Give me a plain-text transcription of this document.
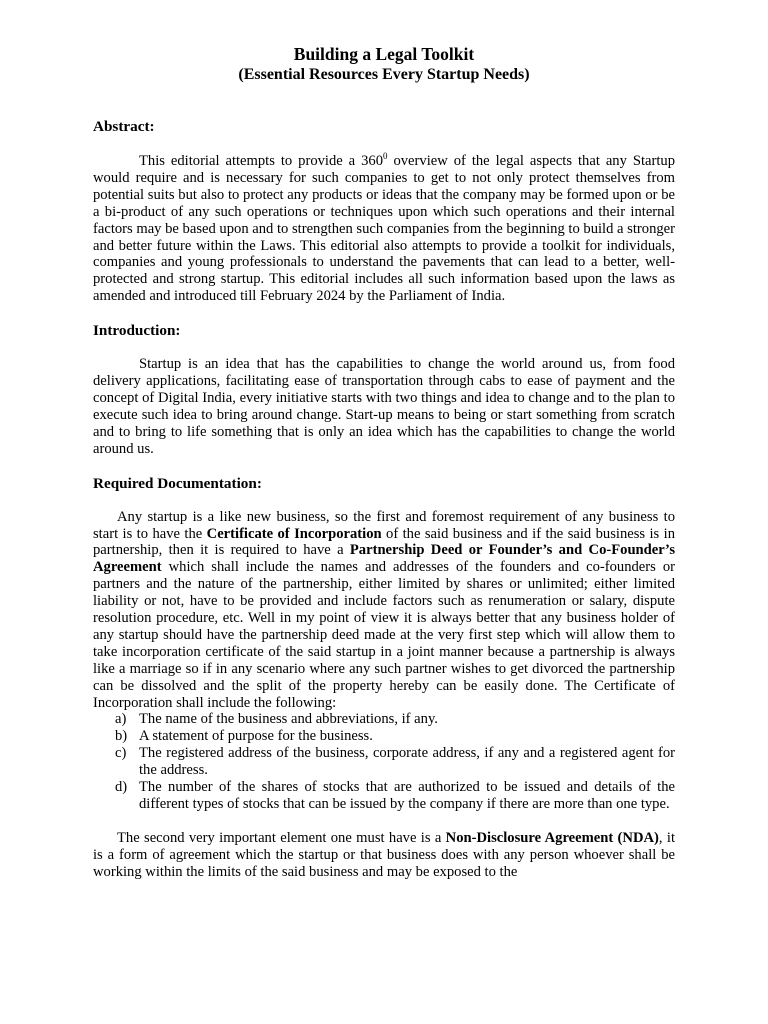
Building a Legal Toolkit
(Essential Resources Every Startup Needs)
Abstract:

This editorial attempts to provide a $360^0$ overview of the legal aspects that any Startup would require and is necessary for such companies to get to not only protect themselves from potential suits but also to protect any products or ideas that the company may be formed upon or be a bi-product of any such operations or techniques upon which such operations and their internal factors may be based upon and to strengthen such companies from the beginning to build a stronger and better future within the Laws. This editorial also attempts to provide a toolkit for individuals, companies and young professionals to understand the pavements that can lead to a better, well-protected and strong startup. This editorial includes all such information based upon the laws as amended and introduced till February 2024 by the Parliament of India.

Introduction:

Startup is an idea that has the capabilities to change the world around us, from food delivery applications, facilitating ease of transportation through cabs to ease of payment and the concept of Digital India, every initiative starts with two things and idea to change and to the plan to execute such idea to bring around change. Start-up means to being or start something from scratch and to bring to life something that is only an idea which has the capabilities to change the world around us.

Required Documentation:

Any startup is a like new business, so the first and foremost requirement of any business to start is to have the Certificate of Incorporation of the said business and if the said business is in partnership, then it is required to have a Partnership Deed or Founder’s and Co-Founder’s Agreement which shall include the names and addresses of the founders and co-founders or partners and the nature of the partnership, either limited by shares or unlimited; either limited liability or not, have to be provided and include factors such as renumeration or salary, dispute resolution procedure, etc. Well in my point of view it is always better that any business holder of any startup should have the partnership deed made at the very first step which will allow them to take incorporation certificate of the said startup in a joint manner because a partnership is always like a marriage so if in any scenario where any such partner wishes to get divorced the partnership can be dissolved and the split of the property hereby can be easily done. The Certificate of Incorporation shall include the following:

a) The name of the business and abbreviations, if any.
b) A statement of purpose for the business.
c) The registered address of the business, corporate address, if any and a registered agent for the address.
d) The number of the shares of stocks that are authorized to be issued and details of the different types of stocks that can be issued by the company if there are more than one type.

The second very important element one must have is a Non-Disclosure Agreement (NDA), it is a form of agreement which the startup or that business does with any person whoever shall be working within the limits of the said business and may be exposed to the
